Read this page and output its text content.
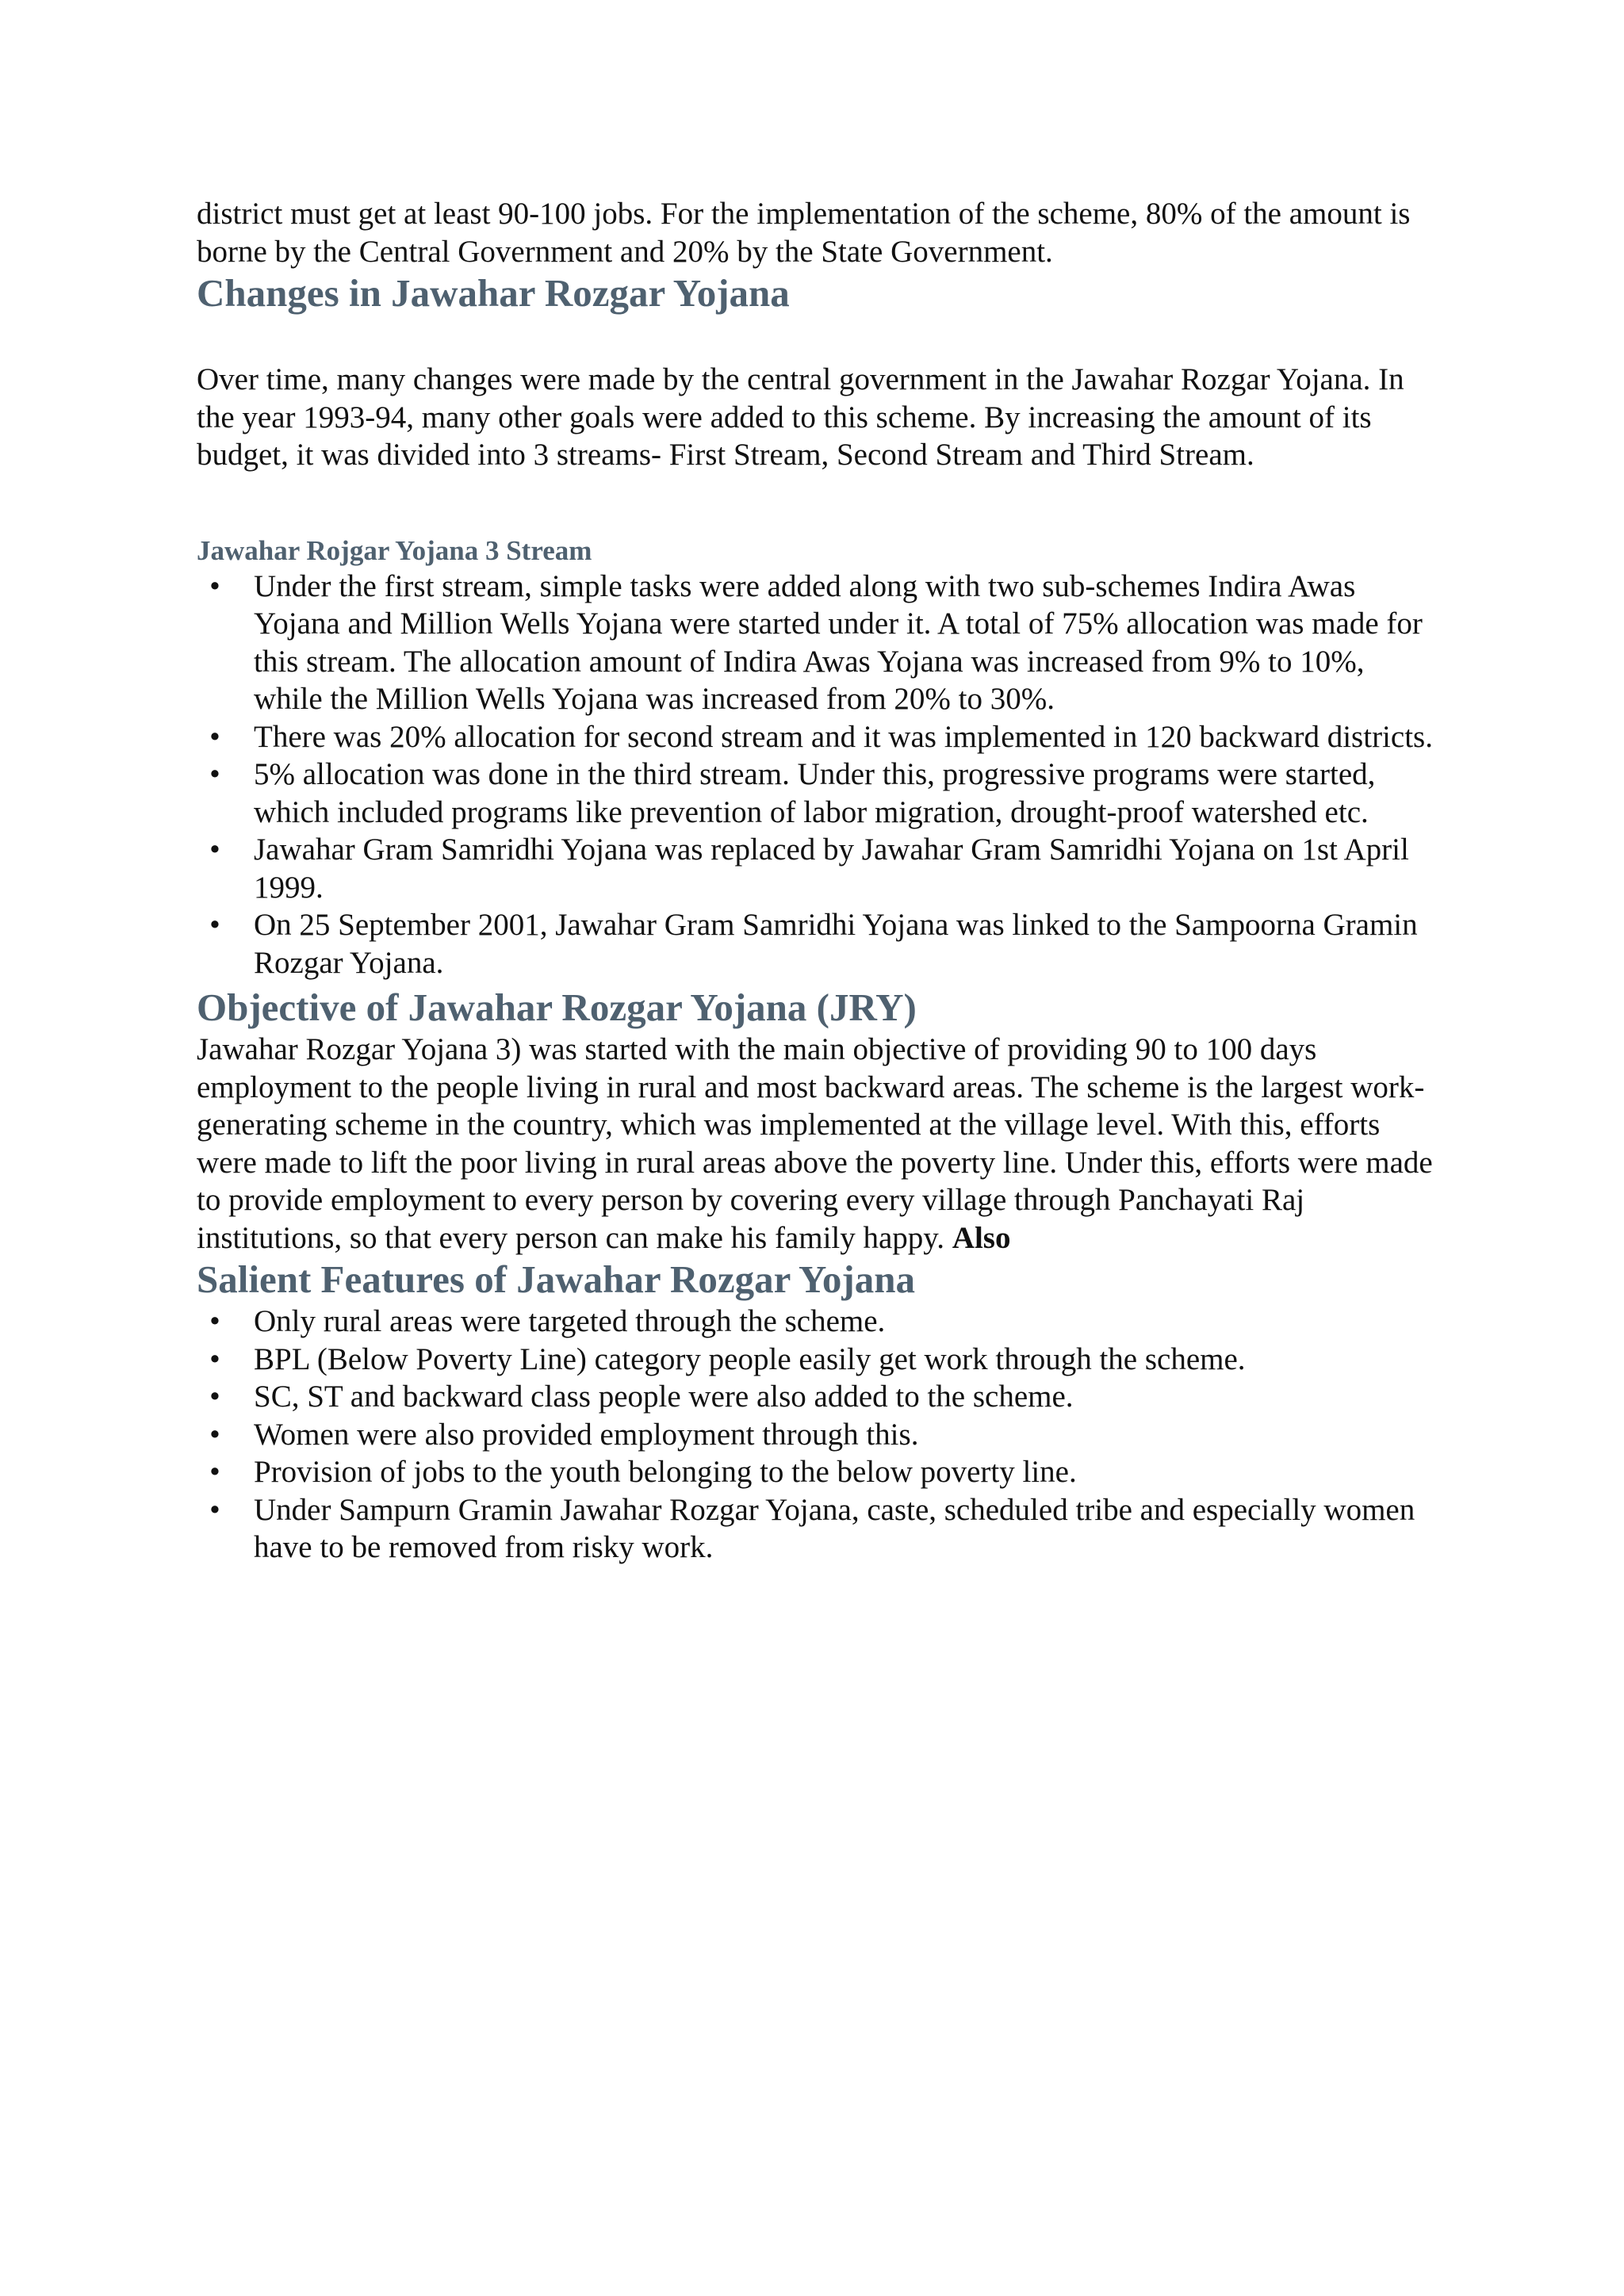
district must get at least 90-100 jobs. For the implementation of the scheme, 80% of the amount is borne by the Central Government and 20% by the State Government.

Changes in Jawahar Rozgar Yojana

Over time, many changes were made by the central government in the Jawahar Rozgar Yojana. In the year 1993-94, many other goals were added to this scheme. By increasing the amount of its budget, it was divided into 3 streams- First Stream, Second Stream and Third Stream.

Jawahar Rojgar Yojana 3 Stream
• Under the first stream, simple tasks were added along with two sub-schemes Indira Awas Yojana and Million Wells Yojana were started under it. A total of 75% allocation was made for this stream. The allocation amount of Indira Awas Yojana was increased from 9% to 10%, while the Million Wells Yojana was increased from 20% to 30%.
• There was 20% allocation for second stream and it was implemented in 120 backward districts.
• 5% allocation was done in the third stream. Under this, progressive programs were started, which included programs like prevention of labor migration, drought-proof watershed etc.
• Jawahar Gram Samridhi Yojana was replaced by Jawahar Gram Samridhi Yojana on 1st April 1999.
• On 25 September 2001, Jawahar Gram Samridhi Yojana was linked to the Sampoorna Gramin Rozgar Yojana.
Objective of Jawahar Rozgar Yojana (JRY)

Jawahar Rozgar Yojana 3) was started with the main objective of providing 90 to 100 days employment to the people living in rural and most backward areas. The scheme is the largest work-generating scheme in the country, which was implemented at the village level. With this, efforts were made to lift the poor living in rural areas above the poverty line. Under this, efforts were made to provide employment to every person by covering every village through Panchayati Raj institutions, so that every person can make his family happy. Also

Salient Features of Jawahar Rozgar Yojana
• Only rural areas were targeted through the scheme.
• BPL (Below Poverty Line) category people easily get work through the scheme.
• SC, ST and backward class people were also added to the scheme.
• Women were also provided employment through this.
• Provision of jobs to the youth belonging to the below poverty line.
• Under Sampurn Gramin Jawahar Rozgar Yojana, caste, scheduled tribe and especially women have to be removed from risky work.
